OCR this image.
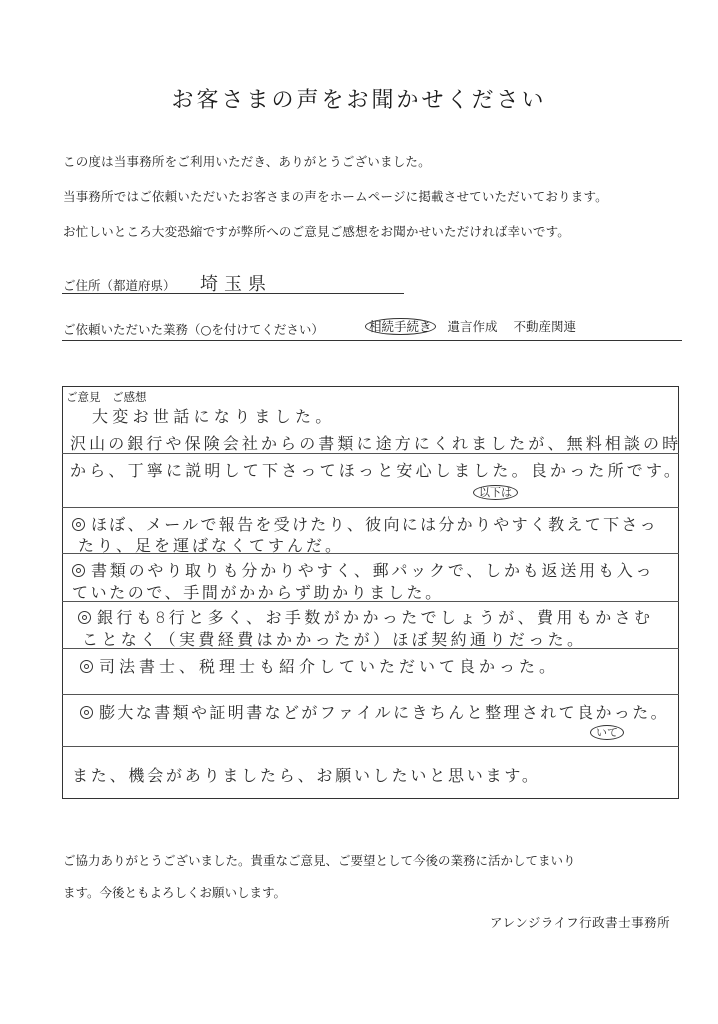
お客さまの声をお聞かせください
この度は当事務所をご利用いただき、ありがとうございました。
当事務所ではご依頼いただいたお客さまの声をホームページに掲載させていただいております。
お忙しいところ大変恐縮ですが弊所へのご意見ご感想をお聞かせいただければ幸いです。
ご住所（都道府県） 埼玉県
ご依頼いただいた業務（○を付けてください）	相続手続き 遺言作成 不動産関連
ご意見　ご感想
大変お世話になりました。
沢山の銀行や保険会社からの書類に途方にくれましたが、無料相談の時
から、丁寧に説明して下さってほっと安心しました。良かった所です。
以下は
ほぼ、メールで報告を受けたり、彼向には分かりやすく教えて下さっ
たり、足を運ばなくてすんだ。
書類のやり取りも分かりやすく、郵パックで、しかも返送用も入っ
ていたので、手間がかからず助かりました。
銀行も8行と多く、お手数がかかったでしょうが、費用もかさむ
ことなく（実費経費はかかったが）ほぼ契約通りだった。
司法書士、税理士も紹介していただいて良かった。
膨大な書類や証明書などがファイルにきちんと整理されて良かった。
いて
また、機会がありましたら、お願いしたいと思います。
ご協力ありがとうございました。貴重なご意見、ご要望として今後の業務に活かしてまいり
ます。今後ともよろしくお願いします。
アレンジライフ行政書士事務所
